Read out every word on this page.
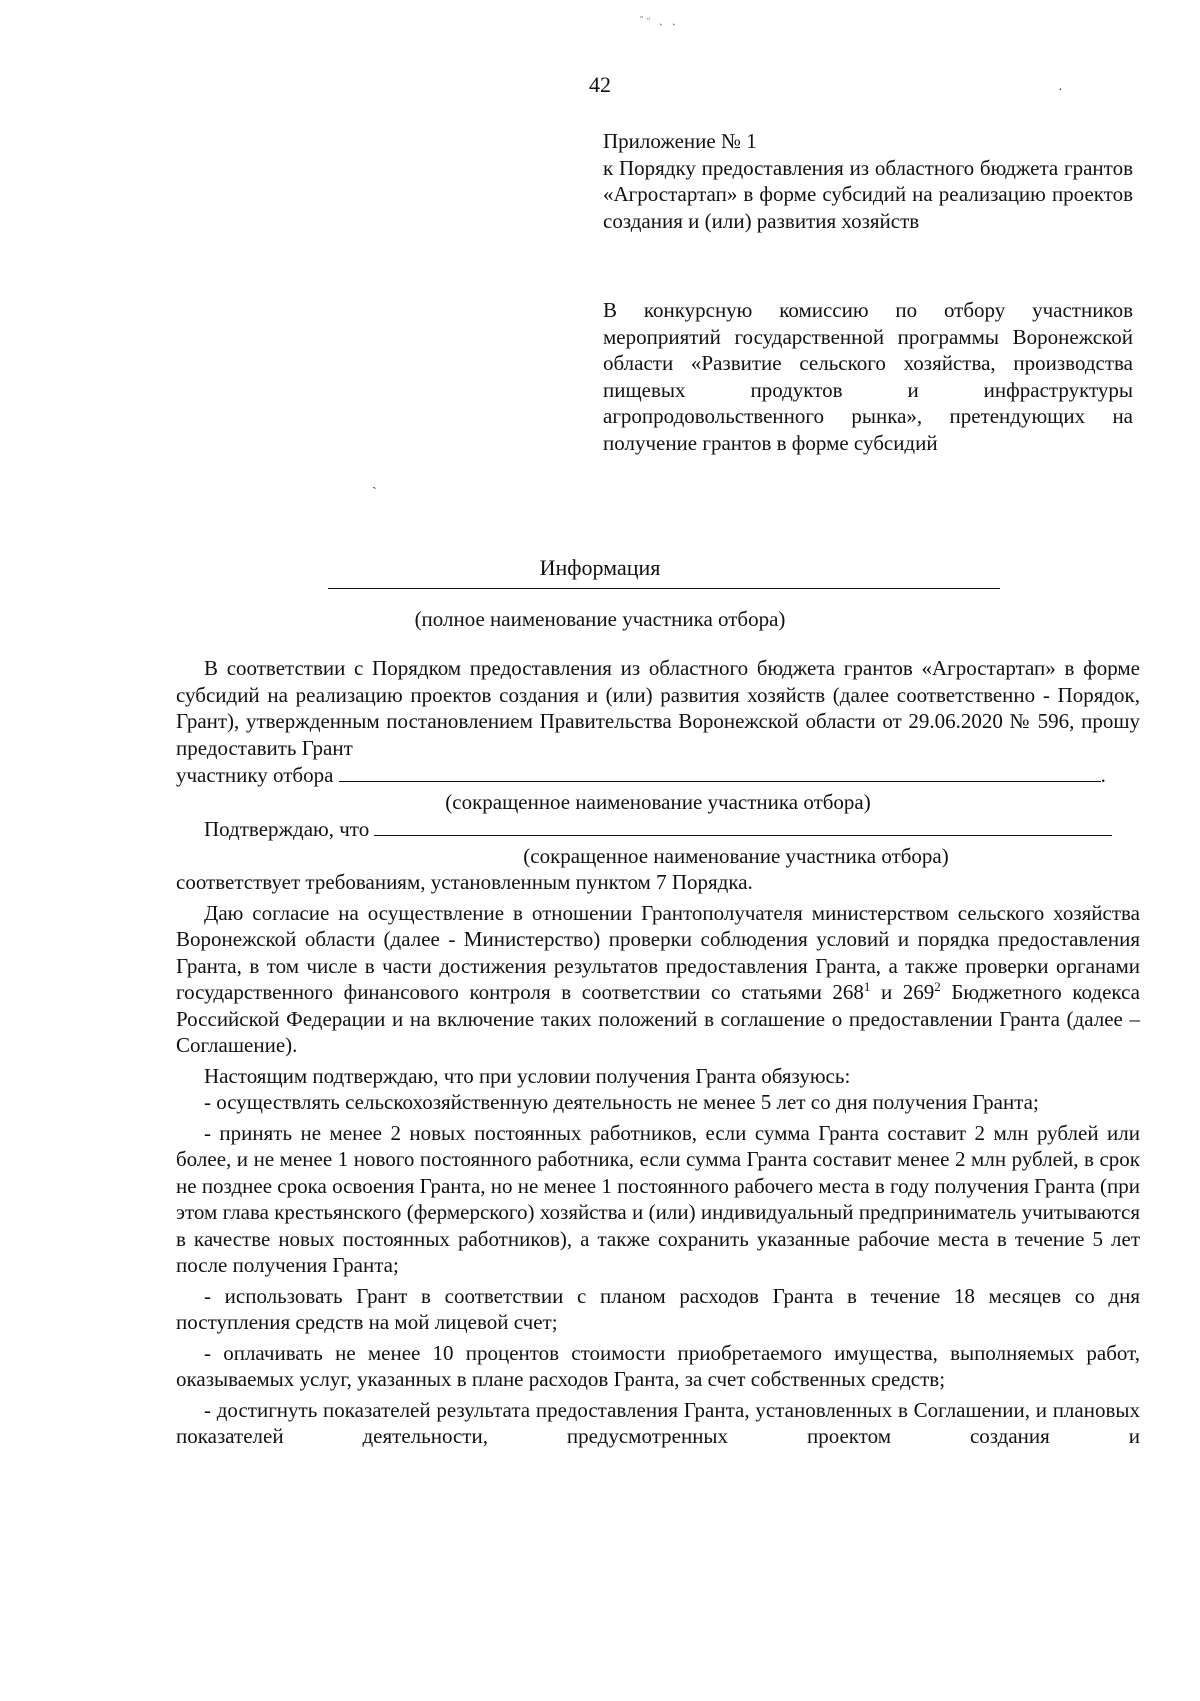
ᵔᵕ ˎ ˏ
42	·
ˏ

Приложение № 1

к Порядку предоставления из областного бюджета грантов «Агростартап» в форме субсидий на реализацию проектов создания и (или) развития хозяйств

В конкурсную комиссию по отбору участников мероприятий государственной программы Воронежской области «Развитие сельского хозяйства, производства пищевых продуктов и инфраструктуры агропродовольственного рынка», претендующих на получение грантов в форме субсидий

Информация
(полное наименование участника отбора)

В соответствии с Порядком предоставления из областного бюджета грантов «Агростартап» в форме субсидий на реализацию проектов создания и (или) развития хозяйств (далее соответственно - Порядок, Грант), утвержденным постановлением Правительства Воронежской области от 29.06.2020 № 596, прошу предоставить Грант

участнику отбора	.

(сокращенное наименование участника отбора)

Подтверждаю, что

(сокращенное наименование участника отбора)

соответствует требованиям, установленным пунктом 7 Порядка.

Даю согласие на осуществление в отношении Грантополучателя министерством сельского хозяйства Воронежской области (далее - Министерство) проверки соблюдения условий и порядка предоставления Гранта, в том числе в части достижения результатов предоставления Гранта, а также проверки органами государственного финансового контроля в соответствии со статьями $268^1$ и $269^2$ Бюджетного кодекса Российской Федерации и на включение таких положений в соглашение о предоставлении Гранта (далее – Соглашение).

Настоящим подтверждаю, что при условии получения Гранта обязуюсь:

- осуществлять сельскохозяйственную деятельность не менее 5 лет со дня получения Гранта;

- принять не менее 2 новых постоянных работников, если сумма Гранта составит 2 млн рублей или более, и не менее 1 нового постоянного работника, если сумма Гранта составит менее 2 млн рублей, в срок не позднее срока освоения Гранта, но не менее 1 постоянного рабочего места в году получения Гранта (при этом глава крестьянского (фермерского) хозяйства и (или) индивидуальный предприниматель учитываются в качестве новых постоянных работников), а также сохранить указанные рабочие места в течение 5 лет после получения Гранта;

- использовать Грант в соответствии с планом расходов Гранта в течение 18 месяцев со дня поступления средств на мой лицевой счет;

- оплачивать не менее 10 процентов стоимости приобретаемого имущества, выполняемых работ, оказываемых услуг, указанных в плане расходов Гранта, за счет собственных средств;

- достигнуть показателей результата предоставления Гранта, установленных в Соглашении, и плановых показателей деятельности, предусмотренных проектом создания и
